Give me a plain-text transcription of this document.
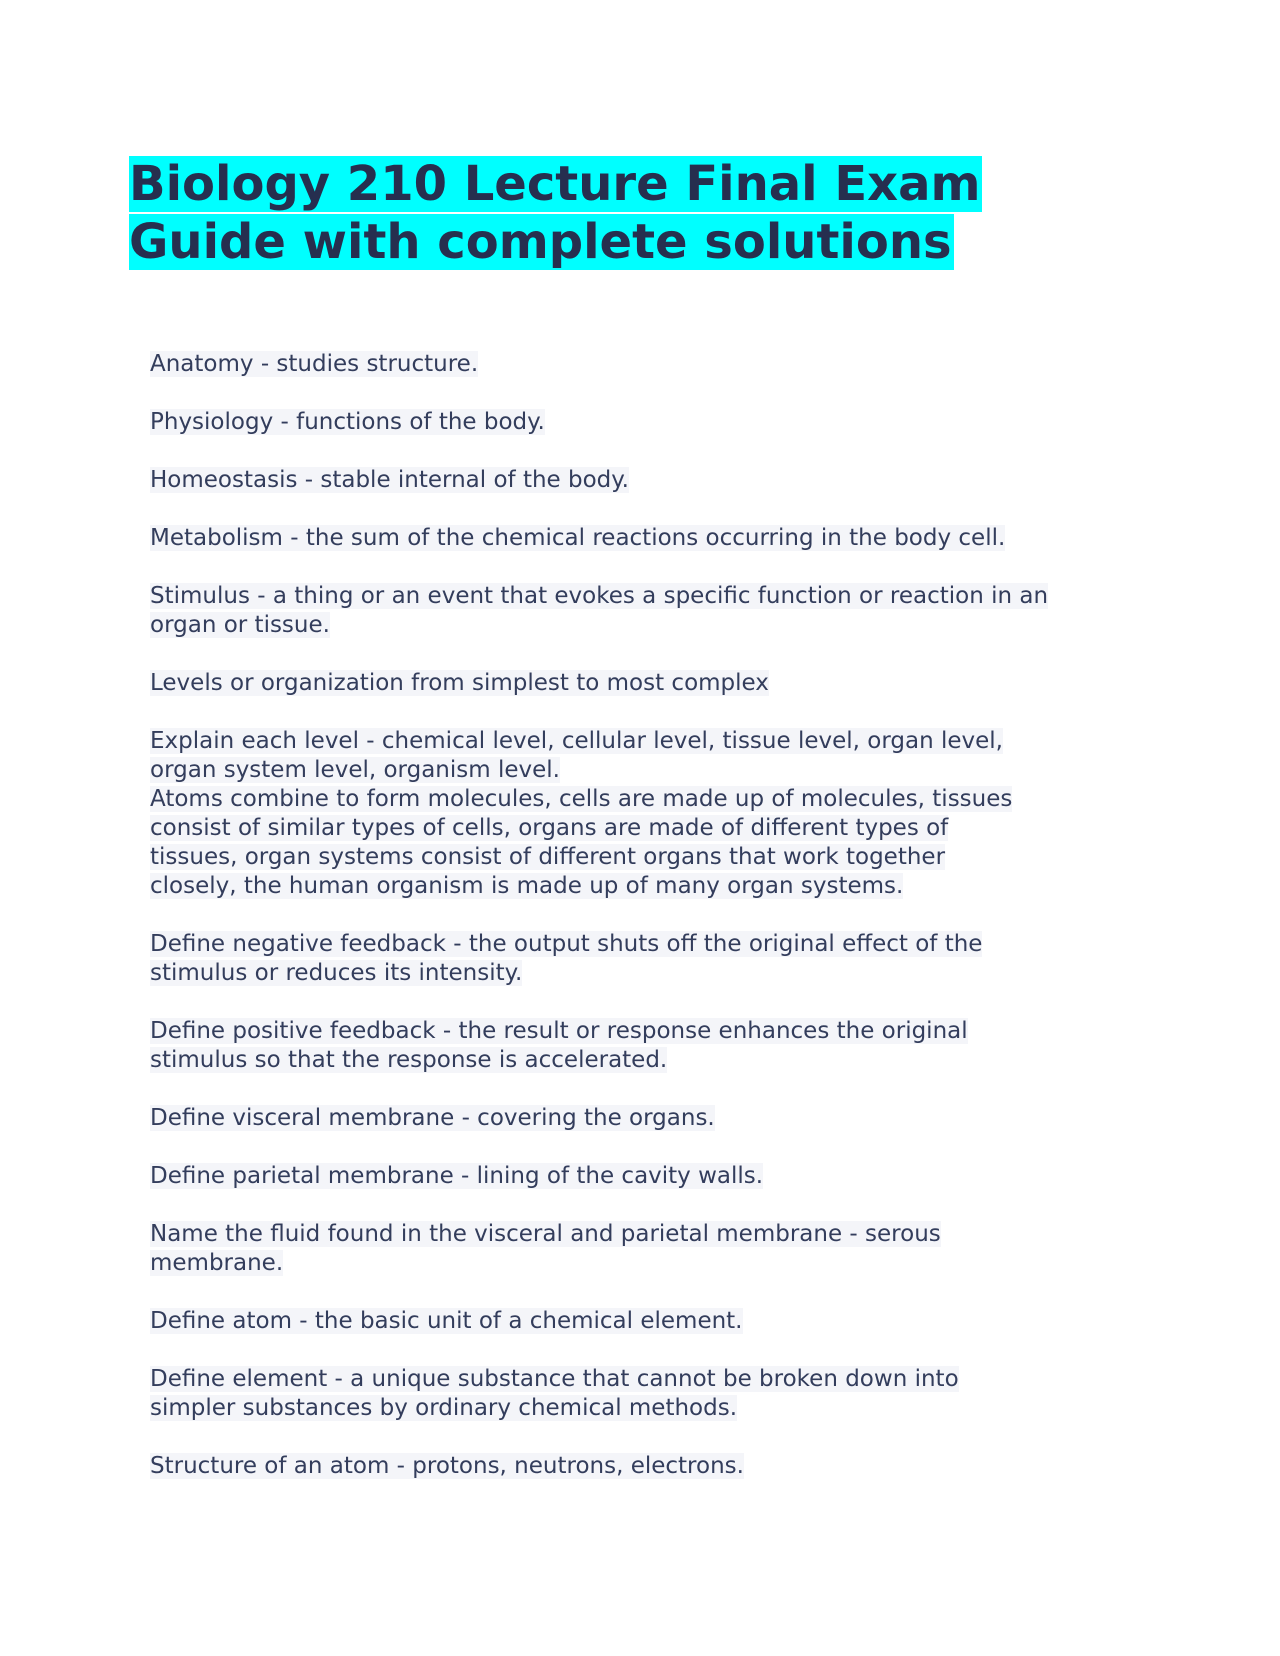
Biology 210 Lecture Final Exam
Guide with complete solutions

Anatomy - studies structure.

Physiology - functions of the body.

Homeostasis - stable internal of the body.

Metabolism - the sum of the chemical reactions occurring in the body cell.

Stimulus - a thing or an event that evokes a specific function or reaction in an
organ or tissue.

Levels or organization from simplest to most complex

Explain each level - chemical level, cellular level, tissue level, organ level,
organ system level, organism level.

Atoms combine to form molecules, cells are made up of molecules, tissues
consist of similar types of cells, organs are made of different types of
tissues, organ systems consist of different organs that work together
closely, the human organism is made up of many organ systems.

Define negative feedback - the output shuts off the original effect of the
stimulus or reduces its intensity.

Define positive feedback - the result or response enhances the original
stimulus so that the response is accelerated.

Define visceral membrane - covering the organs.

Define parietal membrane - lining of the cavity walls.

Name the fluid found in the visceral and parietal membrane - serous
membrane.

Define atom - the basic unit of a chemical element.

Define element - a unique substance that cannot be broken down into
simpler substances by ordinary chemical methods.

Structure of an atom - protons, neutrons, electrons.
